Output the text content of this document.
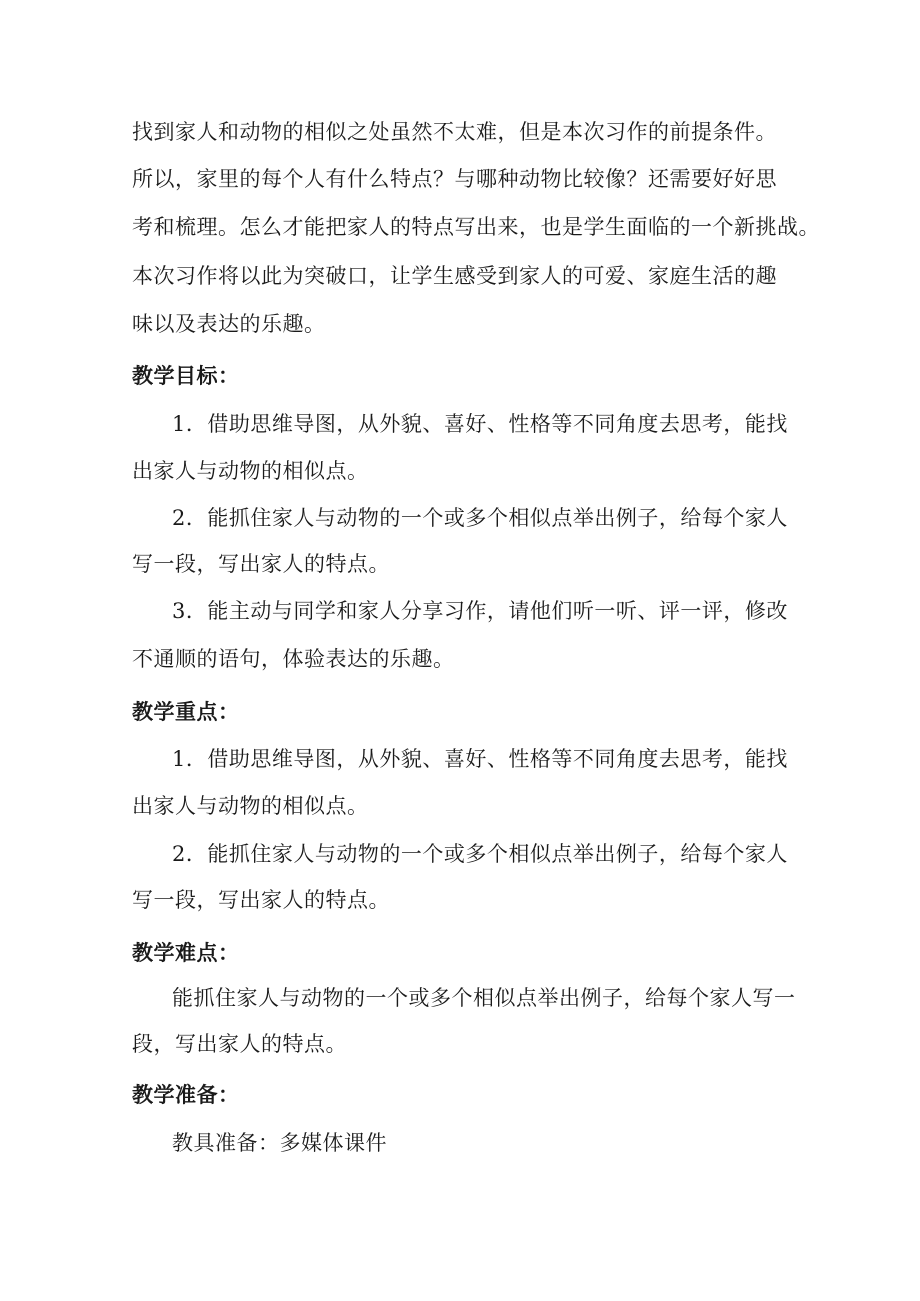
找到家人和动物的相似之处虽然不太难，但是本次习作的前提条件。
所以，家里的每个人有什么特点？与哪种动物比较像？还需要好好思
考和梳理。怎么才能把家人的特点写出来，也是学生面临的一个新挑战。
本次习作将以此为突破口，让学生感受到家人的可爱、家庭生活的趣
味以及表达的乐趣。
教学目标：
1．借助思维导图，从外貌、喜好、性格等不同角度去思考，能找
出家人与动物的相似点。
2．能抓住家人与动物的一个或多个相似点举出例子，给每个家人
写一段，写出家人的特点。
3．能主动与同学和家人分享习作，请他们听一听、评一评，修改
不通顺的语句，体验表达的乐趣。
教学重点：
1．借助思维导图，从外貌、喜好、性格等不同角度去思考，能找
出家人与动物的相似点。
2．能抓住家人与动物的一个或多个相似点举出例子，给每个家人
写一段，写出家人的特点。
教学难点：
能抓住家人与动物的一个或多个相似点举出例子，给每个家人写一
段，写出家人的特点。
教学准备：
教具准备：多媒体课件
